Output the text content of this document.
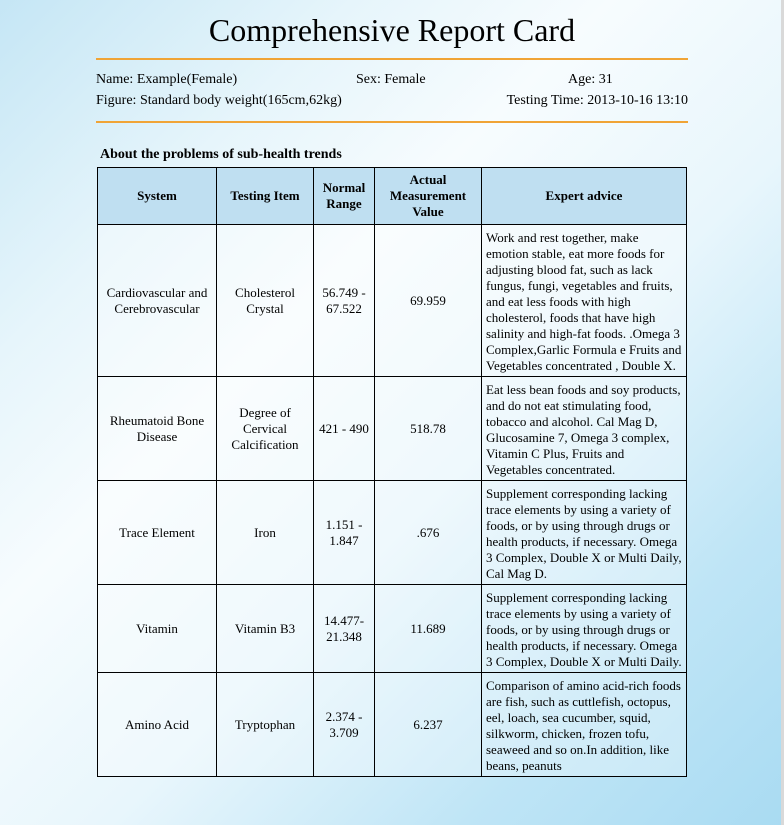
Comprehensive Report Card
Name: Example(Female)	Sex: Female	Age: 31
Figure: Standard body weight(165cm,62kg)	Testing Time: 2013-10-16 13:10
About the problems of sub-health trends
System	Testing Item	Normal Range	Actual Measurement Value	Expert advice
Cardiovascular and Cerebrovascular	Cholesterol Crystal	56.749 - 67.522	69.959	Work and rest together, make emotion stable, eat more foods for adjusting blood fat, such as lack fungus, fungi, vegetables and fruits, and eat less foods with high cholesterol, foods that have high salinity and high-fat foods. .Omega 3 Complex,Garlic Formula e Fruits and Vegetables concentrated , Double X.
Rheumatoid Bone Disease	Degree of Cervical Calcification	421 - 490	518.78	Eat less bean foods and soy products, and do not eat stimulating food, tobacco and alcohol. Cal Mag D, Glucosamine 7, Omega 3 complex, Vitamin C Plus, Fruits and Vegetables concentrated.
Trace Element	Iron	1.151 - 1.847	.676	Supplement corresponding lacking trace elements by using a variety of foods, or by using through drugs or health products, if necessary. Omega 3 Complex, Double X or Multi Daily, Cal Mag D.
Vitamin	Vitamin B3	14.477- 21.348	11.689	Supplement corresponding lacking trace elements by using a variety of foods, or by using through drugs or health products, if necessary. Omega 3 Complex, Double X or Multi Daily.
Amino Acid	Tryptophan	2.374 - 3.709	6.237	Comparison of amino acid-rich foods are fish, such as cuttlefish, octopus, eel, loach, sea cucumber, squid, silkworm, chicken, frozen tofu, seaweed and so on.In addition, like beans, peanuts
